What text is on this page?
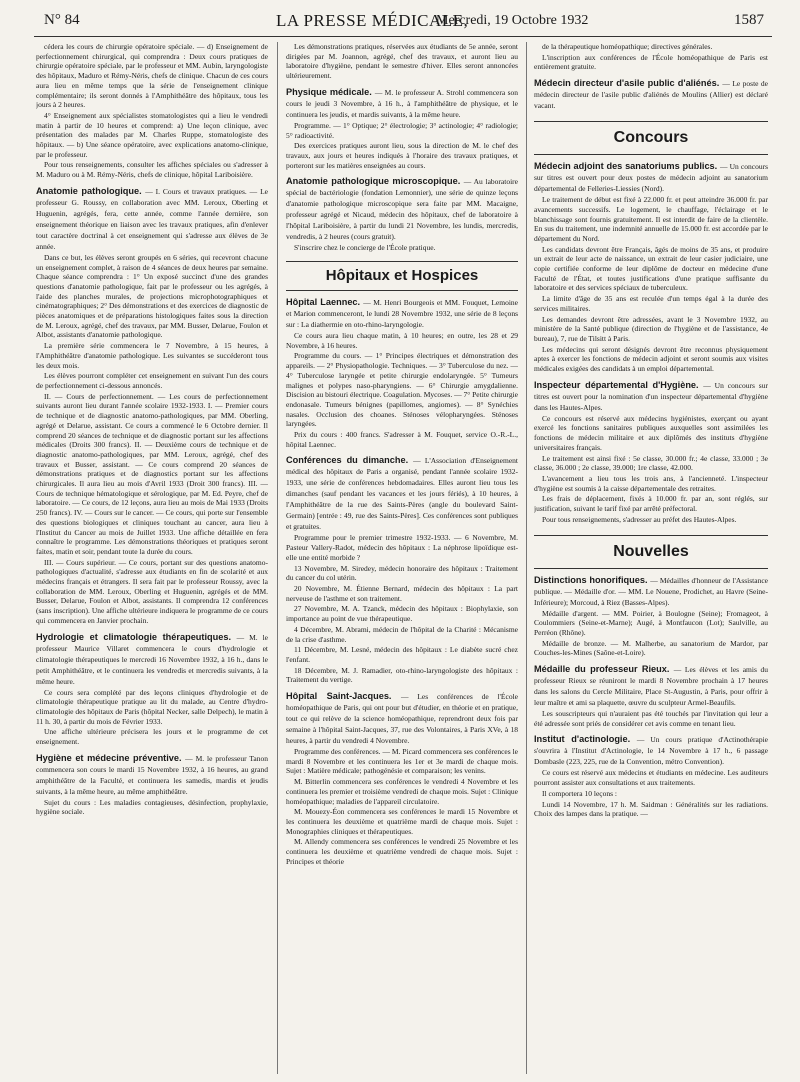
N° 84	LA PRESSE MÉDICALE,
Mercredi, 19 Octobre 1932	1587

cédera les cours de chirurgie opératoire spéciale. — d) Enseignement de perfectionnement chirurgical, qui comprendra : Deux cours pratiques de chirurgie opératoire spéciale, par le professeur et MM. Aubin, laryngologiste des hôpitaux, Maduro et Rémy-Néris, chefs de clinique. Chacun de ces cours aura lieu en même temps que la série de l'enseignement clinique complémentaire; ils seront donnés à l'Amphithéâtre des hôpitaux, tous les jours à 2 heures.

4° Enseignement aux spécialistes stomatologistes qui a lieu le vendredi matin à partir de 10 heures et comprend: a) Une leçon clinique, avec présentation des malades par M. Charles Ruppe, stomatologiste des hôpitaux. — b) Une séance opératoire, avec explications anatomo-clinique, par le professeur.

Pour tous renseignements, consulter les affiches spéciales ou s'adresser à M. Maduro ou à M. Rémy-Néris, chefs de clinique, hôpital Lariboisière.

Anatomie pathologique. — I. Cours et travaux pratiques. — Le professeur G. Roussy, en collaboration avec MM. Leroux, Oberling et Huguenin, agrégés, fera, cette année, comme l'année dernière, son enseignement théorique en liaison avec les travaux pratiques, afin d'enlever tout caractère doctrinal à cet enseignement qui s'adresse aux élèves de 3e année.

Dans ce but, les élèves seront groupés en 6 séries, qui recevront chacune un enseignement complet, à raison de 4 séances de deux heures par semaine. Chaque séance comprendra : 1° Un exposé succinct d'une des grandes questions d'anatomie pathologique, fait par le professeur ou les agrégés, à l'aide des planches murales, de projections microphotographiques et cinématographiques; 2° Des démonstrations et des exercices de diagnostic de pièces anatomiques et de préparations histologiques faites sous la direction de M. Leroux, agrégé, chef des travaux, par MM. Busser, Delarue, Foulon et Albot, assistants d'anatomie pathologique.

La première série commencera le 7 Novembre, à 15 heures, à l'Amphithéâtre d'anatomie pathologique. Les suivantes se succéderont tous les deux mois.

Les élèves pourront compléter cet enseignement en suivant l'un des cours de perfectionnement ci-dessous annoncés.

II. — Cours de perfectionnement. — Les cours de perfectionnement suivants auront lieu durant l'année scolaire 1932-1933. I. — Premier cours de technique et de diagnostic anatomo-pathologiques, par MM. Oberling, agrégé et Delarue, assistant. Ce cours a commencé le 6 Octobre dernier. Il comprend 20 séances de technique et de diagnostic portant sur les affections médicales (Droits 300 francs). II. — Deuxième cours de technique et de diagnostic anatomo-pathologiques, par MM. Leroux, agrégé, chef des travaux et Busser, assistant. — Ce cours comprend 20 séances de démonstrations pratiques et de diagnostics portant sur les affections chirurgicales. Il aura lieu au mois d'Avril 1933 (Droit 300 francs). III. — Cours de technique hématologique et sérologique, par M. Ed. Peyre, chef de laboratoire. — Ce cours, de 12 leçons, aura lieu au mois de Mai 1933 (Droits 250 francs). IV. — Cours sur le cancer. — Ce cours, qui porte sur l'ensemble des questions biologiques et cliniques touchant au cancer, aura lieu à l'Institut du Cancer au mois de Juillet 1933. Une affiche détaillée en fera connaître le programme. Les démonstrations théoriques et pratiques seront faites, matin et soir, pendant toute la durée du cours.

III. — Cours supérieur. — Ce cours, portant sur des questions anatomo-pathologiques d'actualité, s'adresse aux étudiants en fin de scolarité et aux médecins français et étrangers. Il sera fait par le professeur Roussy, avec la collaboration de MM. Leroux, Oberling et Huguenin, agrégés et de MM. Busser, Delarue, Foulon et Albot, assistants. Il comprendra 12 conférences (sans inscription). Une affiche ultérieure indiquera le programme de ce cours qui commencera en Janvier prochain.

Hydrologie et climatologie thérapeutiques. — M. le professeur Maurice Villaret commencera le cours d'hydrologie et climatologie thérapeutiques le mercredi 16 Novembre 1932, à 16 h., dans le petit Amphithéâtre, et le continuera les vendredis et mercredis suivants, à la même heure.

Ce cours sera complété par des leçons cliniques d'hydrologie et de climatologie thérapeutique pratique au lit du malade, au Centre d'hydro-climatologie des hôpitaux de Paris (hôpital Necker, salle Delpech), le matin à 11 h. 30, à partir du mois de Février 1933.

Une affiche ultérieure précisera les jours et le programme de cet enseignement.

Hygiène et médecine préventive. — M. le professeur Tanon commencera son cours le mardi 15 Novembre 1932, à 16 heures, au grand amphithéâtre de la Faculté, et continuera les samedis, mardis et jeudis suivants, à la même heure, au même amphithéâtre.

Sujet du cours : Les maladies contagieuses, désinfection, prophylaxie, hygiène sociale.

Les démonstrations pratiques, réservées aux étudiants de 5e année, seront dirigées par M. Joannon, agrégé, chef des travaux, et auront lieu au laboratoire d'hygiène, pendant le semestre d'hiver. Elles seront annoncées ultérieurement.

Physique médicale. — M. le professeur A. Strohl commencera son cours le jeudi 3 Novembre, à 16 h., à l'amphithéâtre de physique, et le continuera les jeudis, et mardis suivants, à la même heure.

Programme. — 1° Optique; 2° électrologie; 3° actinologie; 4° radiologie; 5° radioactivité.

Des exercices pratiques auront lieu, sous la direction de M. le chef des travaux, aux jours et heures indiqués à l'horaire des travaux pratiques, et porteront sur les matières enseignées au cours.

Anatomie pathologique microscopique. — Au laboratoire spécial de bactériologie (fondation Lemonnier), une série de quinze leçons d'anatomie pathologique microscopique sera faite par MM. Macaigne, professeur agrégé et Nicaud, médecin des hôpitaux, chef de laboratoire à l'hôpital Lariboisière, à partir du lundi 21 Novembre, les lundis, mercredis, vendredis, à 2 heures (cours gratuit).

S'inscrire chez le concierge de l'École pratique.

Hôpitaux et Hospices
Hôpital Laennec. — M. Henri Bourgeois et MM. Fouquet, Lemoine et Marion commenceront, le lundi 28 Novembre 1932, une série de 8 leçons sur : La diathermie en oto-rhino-laryngologie.

Ce cours aura lieu chaque matin, à 10 heures; en outre, les 28 et 29 Novembre, à 16 heures.

Programme du cours. — 1° Principes électriques et démonstration des appareils. — 2° Physiopathologie. Techniques. — 3° Tuberculose du nez. — 4° Tuberculose laryngée et petite chirurgie endolaryngée. 5° Tumeurs malignes et polypes naso-pharyngiens. — 6° Chirurgie amygdalienne. Discision au bistouri électrique. Coagulation. Mycoses. — 7° Petite chirurgie endonasale. Tumeurs bénignes (papillomes, angiomes). — 8° Synéchies nasales. Occlusion des choanes. Sténoses vélopharyngées. Sténoses laryngées.

Prix du cours : 400 francs. S'adresser à M. Fouquet, service O.-R.-L., hôpital Laennec.

Conférences du dimanche. — L'Association d'Enseignement médical des hôpitaux de Paris a organisé, pendant l'année scolaire 1932-1933, une série de conférences hebdomadaires. Elles auront lieu tous les dimanches (sauf pendant les vacances et les jours fériés), à 10 heures, à l'Amphithéâtre de la rue des Saints-Pères (angle du boulevard Saint-Germain) [entrée : 49, rue des Saints-Pères]. Ces conférences sont publiques et gratuites.

Programme pour le premier trimestre 1932-1933. — 6 Novembre, M. Pasteur Vallery-Radot, médecin des hôpitaux : La néphrose lipoïdique est-elle une entité morbide ?

13 Novembre, M. Siredey, médecin honoraire des hôpitaux : Traitement du cancer du col utérin.

20 Novembre, M. Étienne Bernard, médecin des hôpitaux : La part nerveuse de l'asthme et son traitement.

27 Novembre, M. A. Tzanck, médecin des hôpitaux : Biophylaxie, son importance au point de vue thérapeutique.

4 Décembre, M. Abrami, médecin de l'hôpital de la Charité : Mécanisme de la crise d'asthme.

11 Décembre, M. Lesné, médecin des hôpitaux : Le diabète sucré chez l'enfant.

18 Décembre, M. J. Ramadier, oto-rhino-laryngologiste des hôpitaux : Traitement du vertige.

Hôpital Saint-Jacques. — Les conférences de l'École homéopathique de Paris, qui ont pour but d'étudier, en théorie et en pratique, tout ce qui relève de la science homéopathique, reprendront deux fois par semaine à l'hôpital Saint-Jacques, 37, rue des Volontaires, à Paris XVe, à 18 heures, à partir du vendredi 4 Novembre.

Programme des conférences. — M. Picard commencera ses conférences le mardi 8 Novembre et les continuera les 1er et 3e mardi de chaque mois. Sujet : Matière médicale; pathogénésie et comparaison; les venins.

M. Bitterlin commencera ses conférences le vendredi 4 Novembre et les continuera les premier et troisième vendredi de chaque mois. Sujet : Clinique homéopathique; maladies de l'appareil circulatoire.

M. Mouezy-Éon commencera ses conférences le mardi 15 Novembre et les continuera les deuxième et quatrième mardi de chaque mois. Sujet : Monographies cliniques et thérapeutiques.

M. Allendy commencera ses conférences le vendredi 25 Novembre et les continuera les deuxième et quatrième vendredi de chaque mois. Sujet : Principes et théorie

de la thérapeutique homéopathique; directives générales.

L'inscription aux conférences de l'École homéopathique de Paris est entièrement gratuite.

Médecin directeur d'asile public d'aliénés. — Le poste de médecin directeur de l'asile public d'aliénés de Moulins (Allier) est déclaré vacant.
Concours
Médecin adjoint des sanatoriums publics. — Un concours sur titres est ouvert pour deux postes de médecin adjoint au sanatorium départemental de Felleries-Liessies (Nord).

Le traitement de début est fixé à 22.000 fr. et peut atteindre 36.000 fr. par avancements successifs. Le logement, le chauffage, l'éclairage et le blanchissage sont fournis gratuitement. Il est interdit de faire de la clientèle. En sus du traitement, une indemnité annuelle de 15.000 fr. est accordée par le département du Nord.

Les candidats devront être Français, âgés de moins de 35 ans, et produire un extrait de leur acte de naissance, un extrait de leur casier judiciaire, une copie certifiée conforme de leur diplôme de docteur en médecine d'une Faculté de l'État, et toutes justifications d'une pratique suffisante du laboratoire et des services spéciaux de tuberculeux.

La limite d'âge de 35 ans est reculée d'un temps égal à la durée des services militaires.

Les demandes devront être adressées, avant le 3 Novembre 1932, au ministère de la Santé publique (direction de l'hygiène et de l'assistance, 4e bureau), 7, rue de Tilsitt à Paris.

Les médecins qui seront désignés devront être reconnus physiquement aptes à exercer les fonctions de médecin adjoint et seront soumis aux visites médicales exigées des candidats à un emploi départemental.

Inspecteur départemental d'Hygiène. — Un concours sur titres est ouvert pour la nomination d'un inspecteur départemental d'hygiène dans les Hautes-Alpes.

Ce concours est réservé aux médecins hygiénistes, exerçant ou ayant exercé les fonctions sanitaires publiques auxquelles sont assimilées les fonctions de médecin militaire et aux diplômés des instituts d'hygiène universitaires français.

Le traitement est ainsi fixé : 5e classe, 30.000 fr.; 4e classe, 33.000 ; 3e classe, 36.000 ; 2e classe, 39.000; 1re classe, 42.000.

L'avancement a lieu tous les trois ans, à l'ancienneté. L'inspecteur d'hygiène est soumis à la caisse départementale des retraites.

Les frais de déplacement, fixés à 10.000 fr. par an, sont réglés, sur justification, suivant le tarif fixé par arrêté préfectoral.

Pour tous renseignements, s'adresser au préfet des Hautes-Alpes.

Nouvelles
Distinctions honorifiques. — Médailles d'honneur de l'Assistance publique. — Médaille d'or. — MM. Le Nouene, Prodichet, au Havre (Seine-Inférieure); Morcoud, à Riez (Basses-Alpes).

Médaille d'argent. — MM. Poirier, à Boulogne (Seine); Fromageot, à Coulommiers (Seine-et-Marne); Augé, à Montfaucon (Lot); Saulville, au Perréon (Rhône).

Médaille de bronze. — M. Malherbe, au sanatorium de Mardor, par Couches-les-Mines (Saône-et-Loire).

Médaille du professeur Rieux. — Les élèves et les amis du professeur Rieux se réuniront le mardi 8 Novembre prochain à 17 heures dans les salons du Cercle Militaire, Place St-Augustin, à Paris, pour offrir à leur maître et ami sa plaquette, œuvre du sculpteur Armel-Beaufils.

Les souscripteurs qui n'auraient pas été touchés par l'invitation qui leur a été adressée sont priés de considérer cet avis comme en tenant lieu.

Institut d'actinologie. — Un cours pratique d'Actinothérapie s'ouvrira à l'Institut d'Actinologie, le 14 Novembre à 17 h., 6 passage Dombasle (223, 225, rue de la Convention, métro Convention).

Ce cours est réservé aux médecins et étudiants en médecine. Les auditeurs pourront assister aux consultations et aux traitements.

Il comportera 10 leçons :

Lundi 14 Novembre, 17 h. M. Saidman : Généralités sur les radiations. Choix des lampes dans la pratique. —
